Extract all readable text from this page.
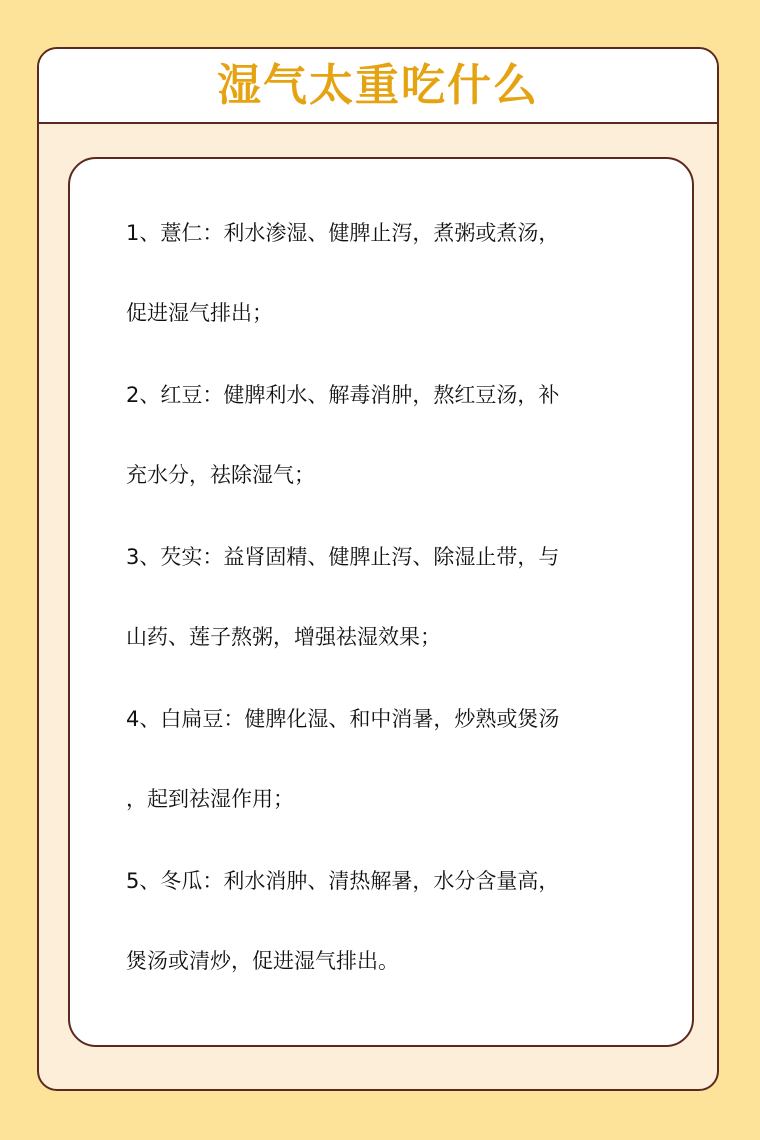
湿气太重吃什么
1、薏仁：利水渗湿、健脾止泻，煮粥或煮汤，
促进湿气排出；
2、红豆：健脾利水、解毒消肿，熬红豆汤，补
充水分，祛除湿气；
3、芡实：益肾固精、健脾止泻、除湿止带，与
山药、莲子熬粥，增强祛湿效果；
4、白扁豆：健脾化湿、和中消暑，炒熟或煲汤
，起到祛湿作用；
5、冬瓜：利水消肿、清热解暑，水分含量高，
煲汤或清炒，促进湿气排出。
